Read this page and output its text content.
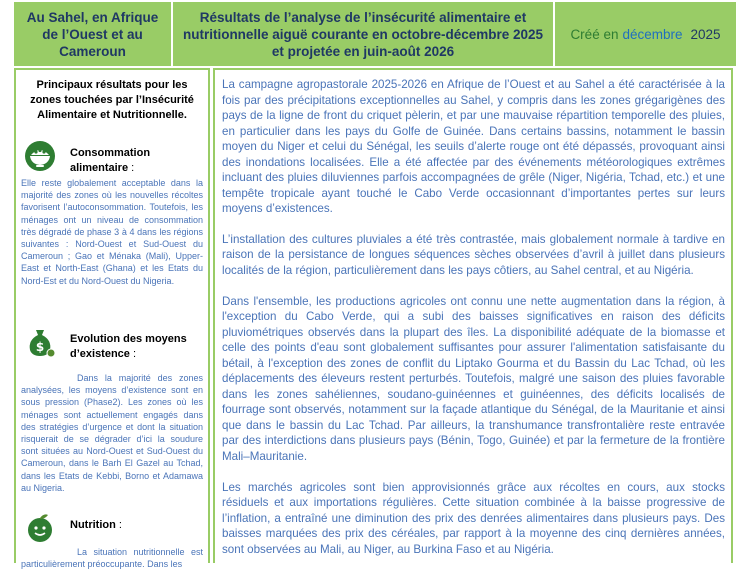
Au Sahel, en Afrique de l’Ouest et au Cameroun
Résultats de l’analyse de l’insécurité alimentaire et nutritionnelle aiguë courante en octobre-décembre 2025 et projetée en juin-août 2026
Créé en décembre 2025
Principaux résultats pour les zones touchées par l’Insécurité Alimentaire et Nutritionnelle.
Consommation alimentaire :
Elle reste globalement acceptable dans la majorité des zones où les nouvelles récoltes favorisent l’autoconsommation. Toutefois, les ménages ont un niveau de consommation très dégradé de phase 3 à 4 dans les régions suivantes : Nord-Ouest et Sud-Ouest du Cameroun ; Gao et Ménaka (Mali), Upper-East et North-East (Ghana) et les Etats du Nord-Est et du Nord-Ouest du Nigeria.
$
Evolution des moyens d’existence :
Dans la majorité des zones analysées, les moyens d’existence sont en sous pression (Phase2). Les zones où les ménages sont actuellement engagés dans des stratégies d’urgence et dont la situation risquerait de se dégrader d’ici la soudure sont situées au Nord-Ouest et Sud-Ouest du Cameroun, dans le Barh El Gazel au Tchad, dans les Etats de Kebbi, Borno et Adamawa au Nigeria.
Nutrition :
La situation nutritionnelle est particulièrement préoccupante. Dans les

La campagne agropastorale 2025-2026 en Afrique de l’Ouest et au Sahel a été caractérisée à la fois par des précipitations exceptionnelles au Sahel, y compris dans les zones grégarigènes des pays de la ligne de front du criquet pèlerin, et par une mauvaise répartition temporelle des pluies, en particulier dans les pays du Golfe de Guinée. Dans certains bassins, notamment le bassin moyen du Niger et celui du Sénégal, les seuils d’alerte rouge ont été dépassés, provoquant ainsi des inondations localisées. Elle a été affectée par des événements météorologiques extrêmes incluant des pluies diluviennes parfois accompagnées de grêle (Niger, Nigéria, Tchad, etc.) et une tempête tropicale ayant touché le Cabo Verde occasionnant d’importantes pertes sur leurs moyens d’existences.

L’installation des cultures pluviales a été très contrastée, mais globalement normale à tardive en raison de la persistance de longues séquences sèches observées d’avril à juillet dans plusieurs localités de la région, particulièrement dans les pays côtiers, au Sahel central, et au Nigéria.

Dans l'ensemble, les productions agricoles ont connu une nette augmentation dans la région, à l'exception du Cabo Verde, qui a subi des baisses significatives en raison des déficits pluviométriques observés dans la plupart des îles. La disponibilité adéquate de la biomasse et celle des points d'eau sont globalement suffisantes pour assurer l'alimentation satisfaisante du bétail, à l'exception des zones de conflit du Liptako Gourma et du Bassin du Lac Tchad, où les déplacements des éleveurs restent perturbés. Toutefois, malgré une saison des pluies favorable dans les zones sahéliennes, soudano-guinéennes et guinéennes, des déficits localisés de fourrage sont observés, notamment sur la façade atlantique du Sénégal, de la Mauritanie et ainsi que dans le bassin du Lac Tchad. Par ailleurs, la transhumance transfrontalière reste entravée par des interdictions dans plusieurs pays (Bénin, Togo, Guinée) et par la fermeture de la frontière Mali–Mauritanie.

Les marchés agricoles sont bien approvisionnés grâce aux récoltes en cours, aux stocks résiduels et aux importations régulières. Cette situation combinée à la baisse progressive de l’inflation, a entraîné une diminution des prix des denrées alimentaires dans plusieurs pays. Des baisses marquées des prix des céréales, par rapport à la moyenne des cinq dernières années, sont observées au Mali, au Niger, au Burkina Faso et au Nigéria.
